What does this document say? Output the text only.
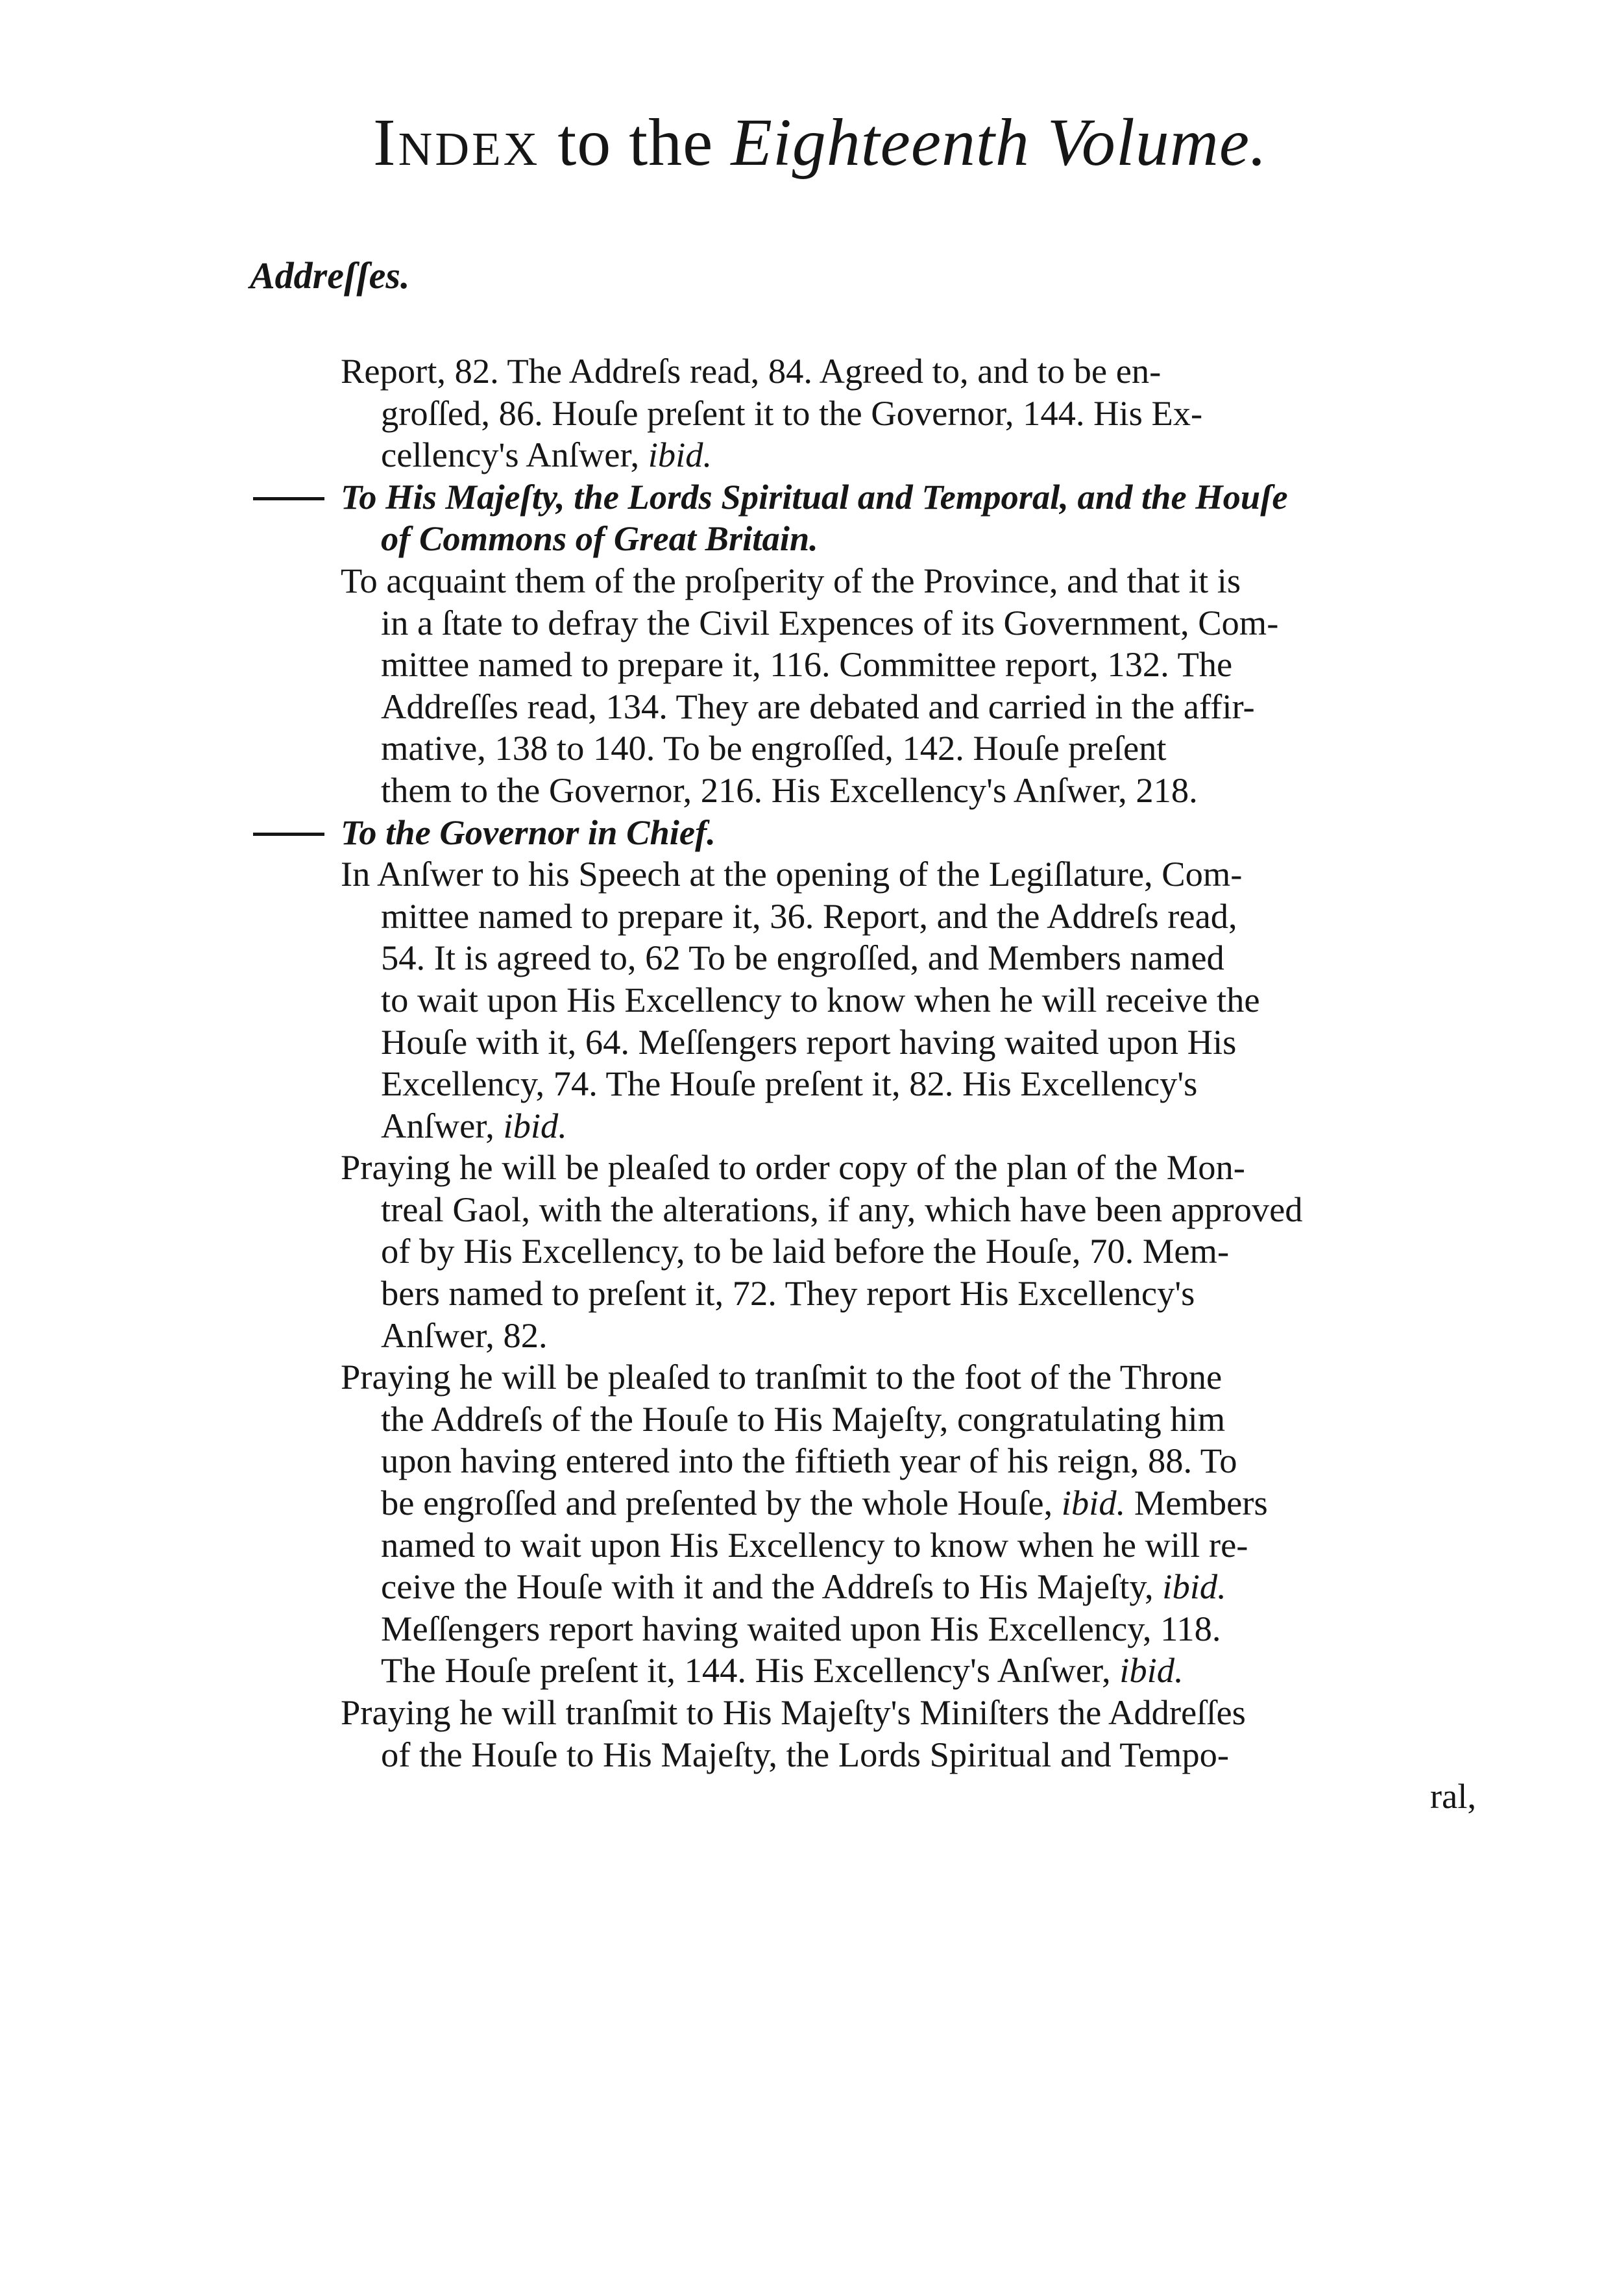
Index to the Eighteenth Volume.
Addreſſes.
Report, 82. The Addreſs read, 84. Agreed to, and to be en-
groſſed, 86. Houſe preſent it to the Governor, 144. His Ex-
cellency's Anſwer, ibid.
To His Majeſty, the Lords Spiritual and Temporal, and the Houſe
of Commons of Great Britain.
To acquaint them of the proſperity of the Province, and that it is
in a ſtate to defray the Civil Expences of its Government, Com-
mittee named to prepare it, 116. Committee report, 132. The
Addreſſes read, 134. They are debated and carried in the affir-
mative, 138 to 140. To be engroſſed, 142. Houſe preſent
them to the Governor, 216. His Excellency's Anſwer, 218.
To the Governor in Chief.
In Anſwer to his Speech at the opening of the Legiſlature, Com-
mittee named to prepare it, 36. Report, and the Addreſs read,
54. It is agreed to, 62 To be engroſſed, and Members named
to wait upon His Excellency to know when he will receive the
Houſe with it, 64. Meſſengers report having waited upon His
Excellency, 74. The Houſe preſent it, 82. His Excellency's
Anſwer, ibid.
Praying he will be pleaſed to order copy of the plan of the Mon-
treal Gaol, with the alterations, if any, which have been approved
of by His Excellency, to be laid before the Houſe, 70. Mem-
bers named to preſent it, 72. They report His Excellency's
Anſwer, 82.
Praying he will be pleaſed to tranſmit to the foot of the Throne
the Addreſs of the Houſe to His Majeſty, congratulating him
upon having entered into the fiftieth year of his reign, 88. To
be engroſſed and preſented by the whole Houſe, ibid. Members
named to wait upon His Excellency to know when he will re-
ceive the Houſe with it and the Addreſs to His Majeſty, ibid.
Meſſengers report having waited upon His Excellency, 118.
The Houſe preſent it, 144. His Excellency's Anſwer, ibid.
Praying he will tranſmit to His Majeſty's Miniſters the Addreſſes
of the Houſe to His Majeſty, the Lords Spiritual and Tempo-
ral,
